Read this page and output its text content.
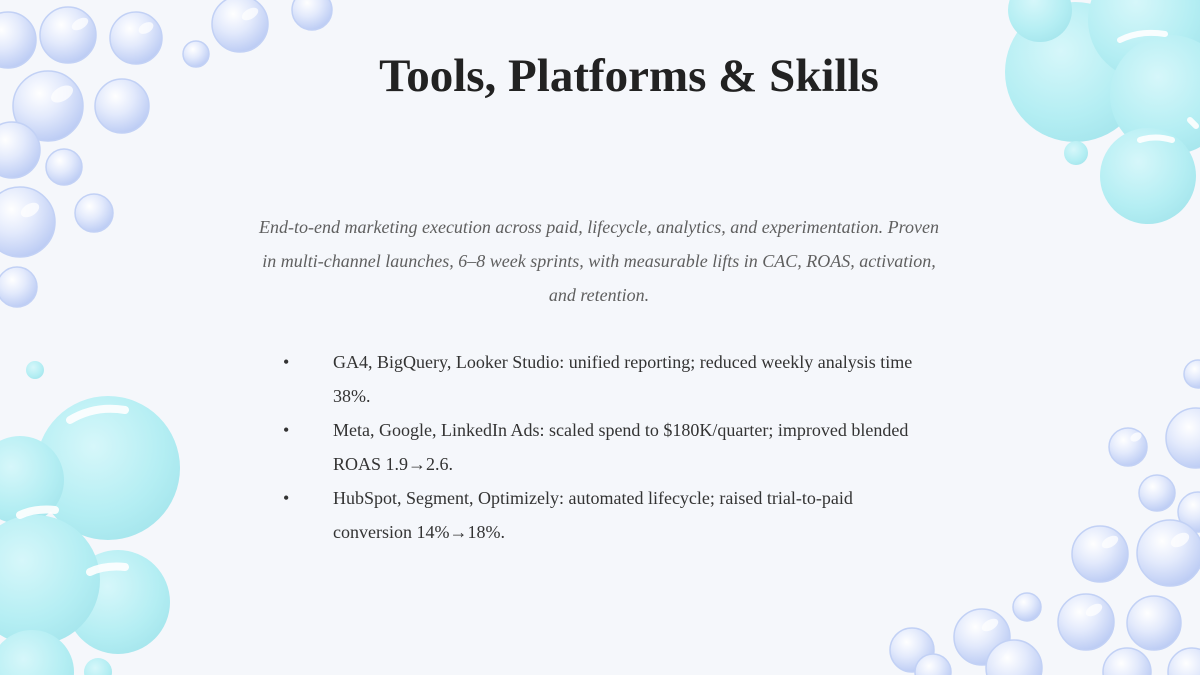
Tools, Platforms & Skills

End-to-end marketing execution across paid, lifecycle, analytics, and experimentation. Proven in multi-channel launches, 6–8 week sprints, with measurable lifts in CAC, ROAS, activation, and retention.

•	GA4, BigQuery, Looker Studio: unified reporting; reduced weekly analysis time 38%.
•	Meta, Google, LinkedIn Ads: scaled spend to $180K/quarter; improved blended ROAS 1.9→2.6.
•	HubSpot, Segment, Optimizely: automated lifecycle; raised trial-to-paid conversion 14%→18%.
